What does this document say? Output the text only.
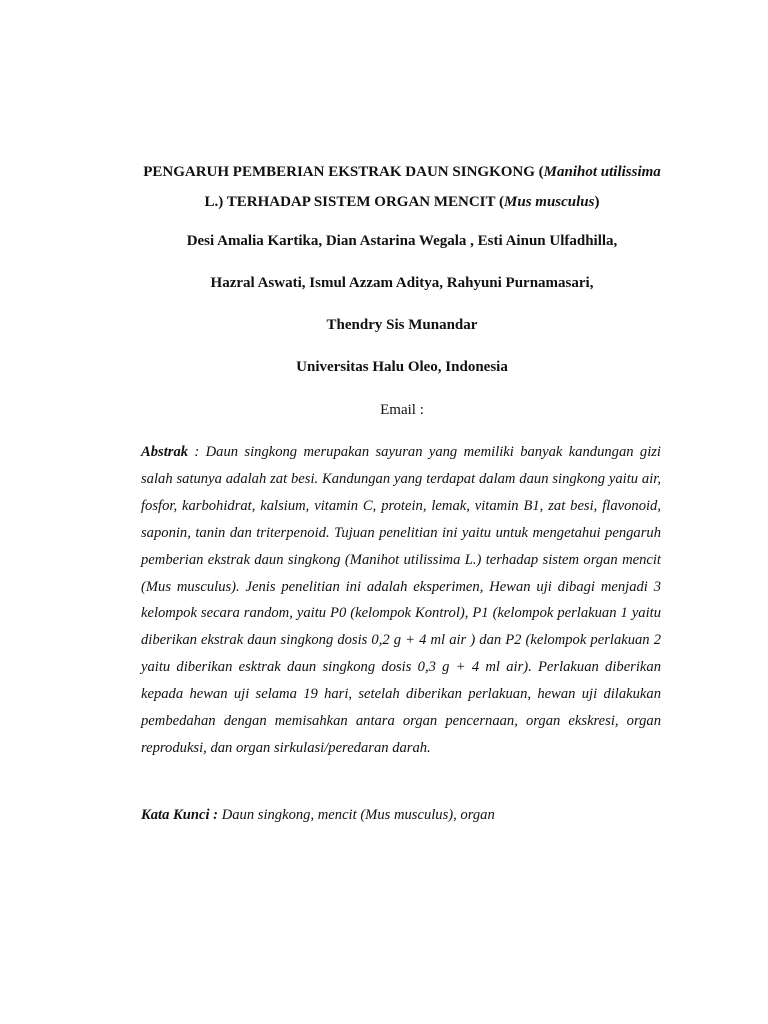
PENGARUH PEMBERIAN EKSTRAK DAUN SINGKONG (Manihot utilissima L.) TERHADAP SISTEM ORGAN MENCIT (Mus musculus)

Desi Amalia Kartika, Dian Astarina Wegala , Esti Ainun Ulfadhilla,

Hazral Aswati, Ismul Azzam Aditya, Rahyuni Purnamasari,

Thendry Sis Munandar

Universitas Halu Oleo, Indonesia

Email :

Abstrak : Daun singkong merupakan sayuran yang memiliki banyak kandungan gizi salah satunya adalah zat besi. Kandungan yang terdapat dalam daun singkong yaitu air, fosfor, karbohidrat, kalsium, vitamin C, protein, lemak, vitamin B1, zat besi, flavonoid, saponin, tanin dan triterpenoid. Tujuan penelitian ini yaitu untuk mengetahui pengaruh pemberian ekstrak daun singkong (Manihot utilissima L.) terhadap sistem organ mencit (Mus musculus). Jenis penelitian ini adalah eksperimen, Hewan uji dibagi menjadi 3 kelompok secara random, yaitu P0 (kelompok Kontrol), P1 (kelompok perlakuan 1 yaitu diberikan ekstrak daun singkong dosis 0,2 g + 4 ml air ) dan P2 (kelompok perlakuan 2 yaitu diberikan esktrak daun singkong dosis 0,3 g + 4 ml air). Perlakuan diberikan kepada hewan uji selama 19 hari, setelah diberikan perlakuan, hewan uji dilakukan pembedahan dengan memisahkan antara organ pencernaan, organ ekskresi, organ reproduksi, dan organ sirkulasi/peredaran darah.

Kata Kunci : Daun singkong, mencit (Mus musculus), organ
